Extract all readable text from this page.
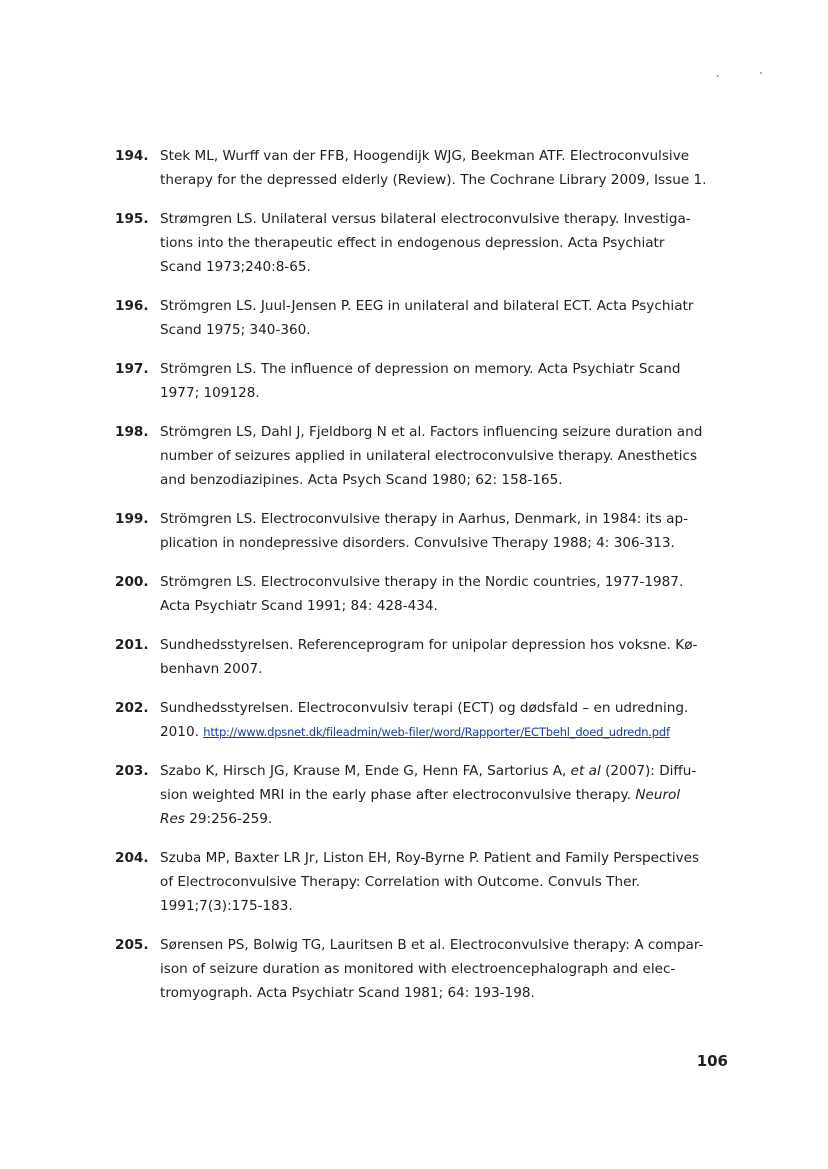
194. Stek ML, Wurff van der FFB, Hoogendijk WJG, Beekman ATF. Electroconvulsive
therapy for the depressed elderly (Review). The Cochrane Library 2009, Issue 1.
195. Strømgren LS. Unilateral versus bilateral electroconvulsive therapy. Investiga-
tions into the therapeutic effect in endogenous depression. Acta Psychiatr
Scand 1973;240:8-65.
196. Strömgren LS. Juul-Jensen P. EEG in unilateral and bilateral ECT. Acta Psychiatr
Scand 1975; 340-360.
197. Strömgren LS. The influence of depression on memory. Acta Psychiatr Scand
1977; 109128.
198. Strömgren LS, Dahl J, Fjeldborg N et al. Factors influencing seizure duration and
number of seizures applied in unilateral electroconvulsive therapy. Anesthetics
and benzodiazipines. Acta Psych Scand 1980; 62: 158-165.
199. Strömgren LS. Electroconvulsive therapy in Aarhus, Denmark, in 1984: its ap-
plication in nondepressive disorders. Convulsive Therapy 1988; 4: 306-313.
200. Strömgren LS. Electroconvulsive therapy in the Nordic countries, 1977-1987.
Acta Psychiatr Scand 1991; 84: 428-434.
201. Sundhedsstyrelsen. Referenceprogram for unipolar depression hos voksne. Kø-
benhavn 2007.
202. Sundhedsstyrelsen. Electroconvulsiv terapi (ECT) og dødsfald – en udredning.
2010. http://www.dpsnet.dk/fileadmin/web-filer/word/Rapporter/ECTbehl_doed_udredn.pdf
203. Szabo K, Hirsch JG, Krause M, Ende G, Henn FA, Sartorius A, et al (2007): Diffu-
sion weighted MRI in the early phase after electroconvulsive therapy. Neurol
Res 29:256-259.
204. Szuba MP, Baxter LR Jr, Liston EH, Roy-Byrne P. Patient and Family Perspectives
of Electroconvulsive Therapy: Correlation with Outcome. Convuls Ther.
1991;7(3):175-183.
205. Sørensen PS, Bolwig TG, Lauritsen B et al. Electroconvulsive therapy: A compar-
ison of seizure duration as monitored with electroencephalograph and elec-
tromyograph. Acta Psychiatr Scand 1981; 64: 193-198.
106
